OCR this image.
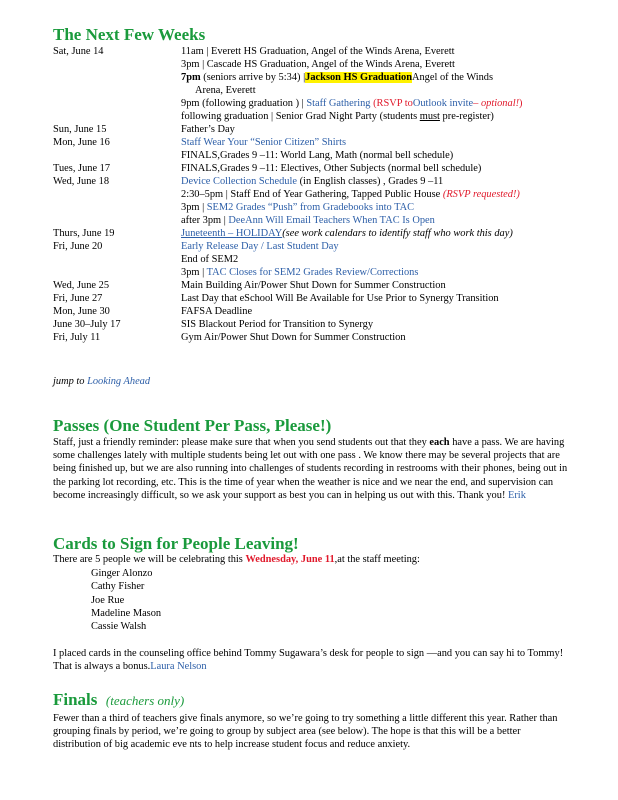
The Next Few Weeks
Sat, June 14	11am | Everett HS Graduation, Angel of the Winds Arena, Everett
3pm | Cascade HS Graduation, Angel of the Winds Arena, Everett
7pm (seniors arrive by 5:34) |Jackson HS GraduationAngel of the Winds
Arena, Everett
9pm (following graduation ) | Staff Gathering (RSVP toOutlook invite– optional!)
following graduation | Senior Grad Night Party (students must pre-register)
Sun, June 15	Father’s Day
Mon, June 16	Staff Wear Your “Senior Citizen” Shirts
FINALS,Grades 9 –11: World Lang, Math (normal bell schedule)
Tues, June 17	FINALS,Grades 9 –11: Electives, Other Subjects (normal bell schedule)
Wed, June 18	Device Collection Schedule (in English classes) , Grades 9 –11
2:30–5pm | Staff End of Year Gathering, Tapped Public House (RSVP requested!)
3pm | SEM2 Grades “Push” from Gradebooks into TAC
after 3pm | DeeAnn Will Email Teachers When TAC Is Open
Thurs, June 19	Juneteenth – HOLIDAY(see work calendars to identify staff who work this day)
Fri, June 20	Early Release Day / Last Student Day
End of SEM2
3pm | TAC Closes for SEM2 Grades Review/Corrections
Wed, June 25	Main Building Air/Power Shut Down for Summer Construction
Fri, June 27	Last Day that eSchool Will Be Available for Use Prior to Synergy Transition
Mon, June 30	FAFSA Deadline
June 30–July 17	SIS Blackout Period for Transition to Synergy
Fri, July 11	Gym Air/Power Shut Down for Summer Construction
jump to Looking Ahead
Passes (One Student Per Pass, Please!)
Staff, just a friendly reminder: please make sure that when you send students out that they each have a pass. We are having some challenges lately with multiple students being let out with one pass . We know there may be several projects that are being finished up, but we are also running into challenges of students recording in restrooms with their phones, being out in the parking lot recording, etc. This is the time of year when the weather is nice and we near the end, and supervision can become increasingly difficult, so we ask your support as best you can in helping us out with this. Thank you! Erik
Cards to Sign for People Leaving!
There are 5 people we will be celebrating this Wednesday, June 11,at the staff meeting:
Ginger Alonzo
Cathy Fisher
Joe Rue
Madeline Mason
Cassie Walsh
I placed cards in the counseling office behind Tommy Sugawara’s desk for people to sign —and you can say hi to Tommy! That is always a bonus.Laura Nelson
Finals (teachers only)
Fewer than a third of teachers give finals anymore, so we’re going to try something a little different this year. Rather than grouping finals by period, we’re going to group by subject area (see below). The hope is that this will be a better distribution of big academic eve nts to help increase student focus and reduce anxiety.
